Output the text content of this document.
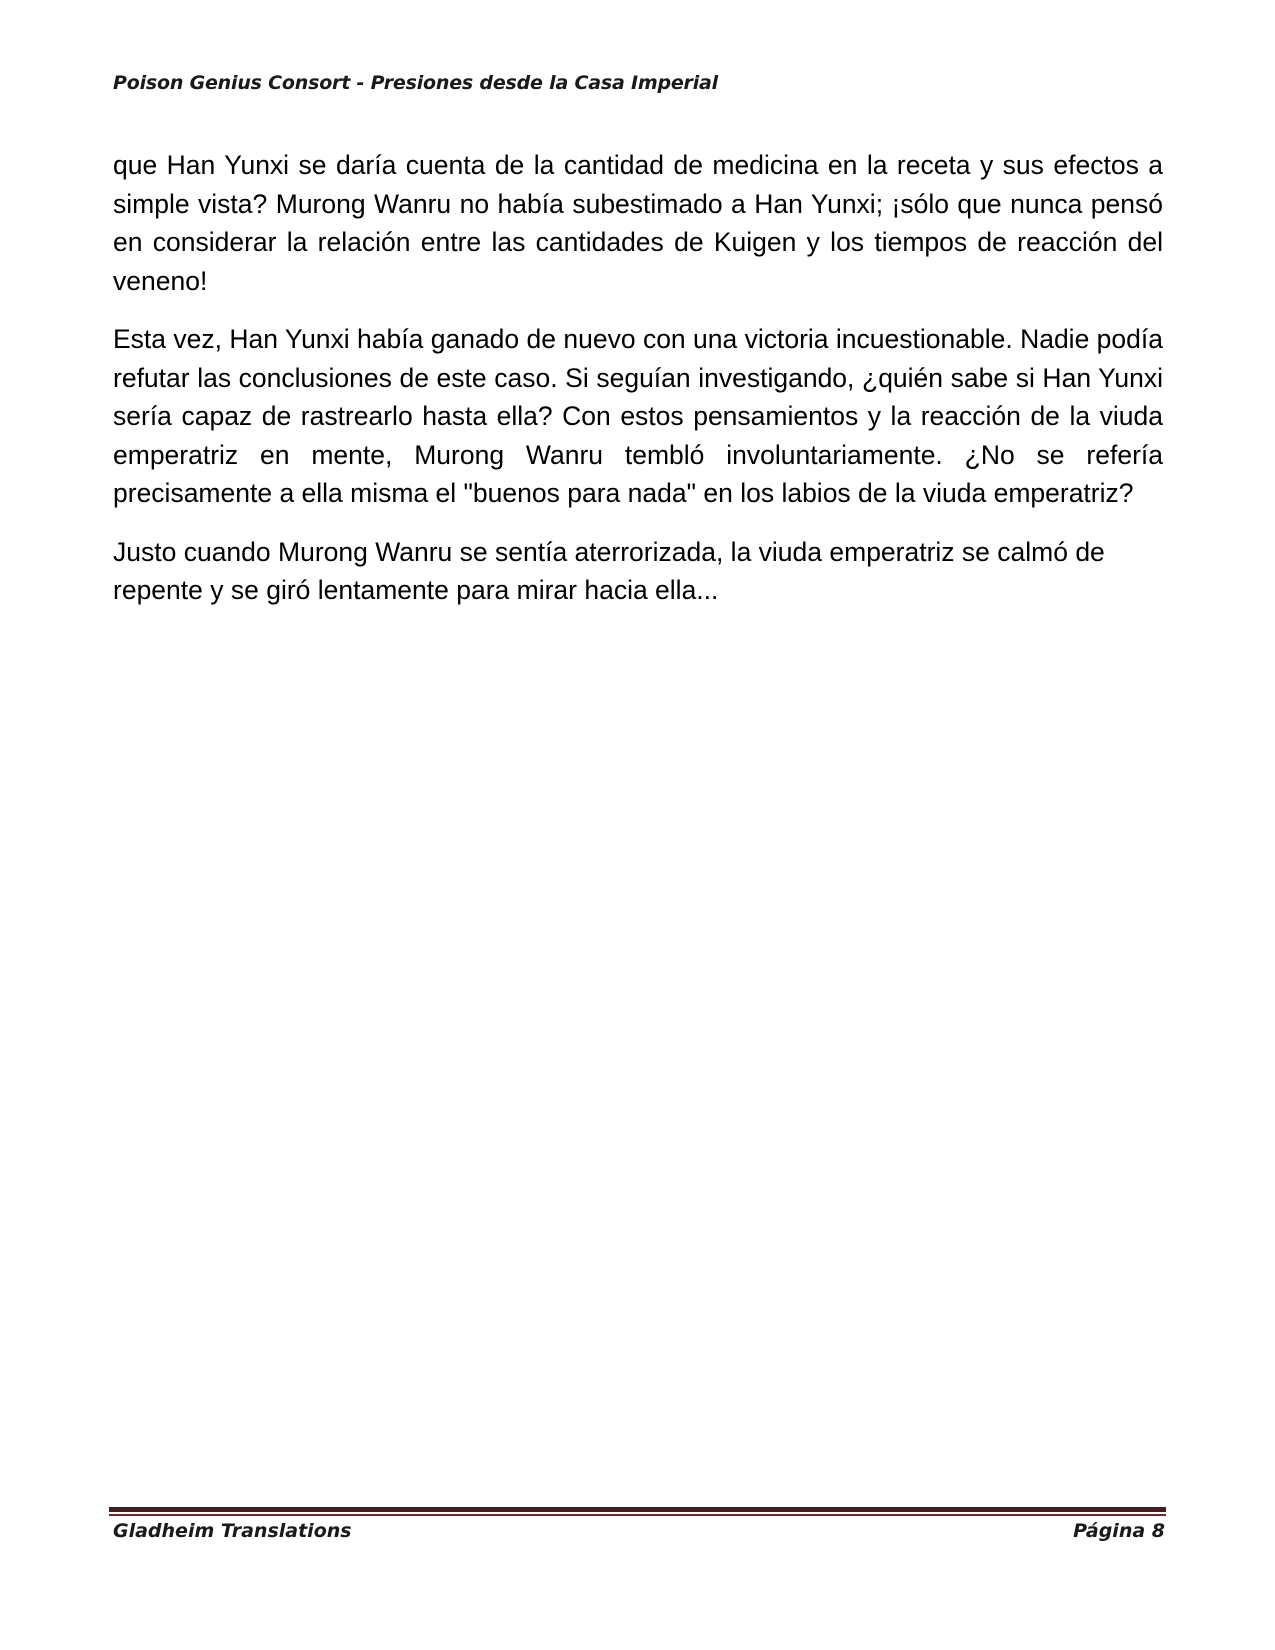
Poison Genius Consort - Presiones desde la Casa Imperial

que Han Yunxi se daría cuenta de la cantidad de medicina en la receta y sus efectos a simple vista? Murong Wanru no había subestimado a Han Yunxi; ¡sólo que nunca pensó en considerar la relación entre las cantidades de Kuigen y los tiempos de reacción del veneno!

Esta vez, Han Yunxi había ganado de nuevo con una victoria incuestionable. Nadie podía refutar las conclusiones de este caso. Si seguían investigando, ¿quién sabe si Han Yunxi sería capaz de rastrearlo hasta ella? Con estos pensamientos y la reacción de la viuda emperatriz en mente, Murong Wanru tembló involuntariamente. ¿No se refería precisamente a ella misma el "buenos para nada" en los labios de la viuda emperatriz?

Justo cuando Murong Wanru se sentía aterrorizada, la viuda emperatriz se calmó de repente y se giró lentamente para mirar hacia ella...

Gladheim Translations	Página 8
